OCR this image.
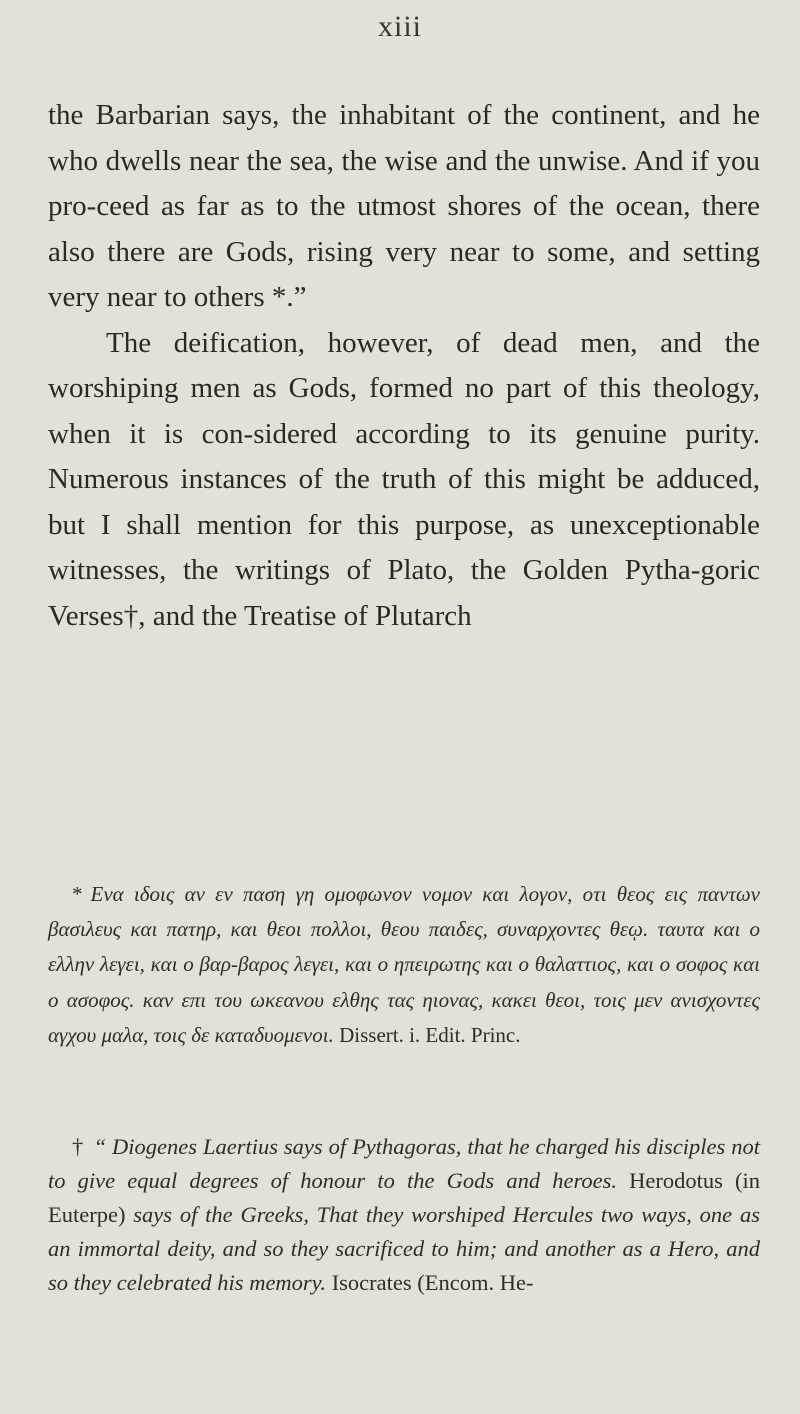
xiii

the Barbarian says, the inhabitant of the continent, and he who dwells near the sea, the wise and the unwise. And if you pro-ceed as far as to the utmost shores of the ocean, there also there are Gods, rising very near to some, and setting very near to others *.”

The deification, however, of dead men, and the worshiping men as Gods, formed no part of this theology, when it is con-sidered according to its genuine purity. Numerous instances of the truth of this might be adduced, but I shall mention for this purpose, as unexceptionable witnesses, the writings of Plato, the Golden Pytha-goric Verses†, and the Treatise of Plutarch

* Ενα ιδοις αν εν παση γη ομοφωνον νομον και λογον, οτι θεος εις παντων βασιλευς και πατηρ, και θεοι πολλοι, θεου παιδες, συναρχοντες θεῳ. ταυτα και ο ελλην λεγει, και ο βαρ-βαρος λεγει, και ο ηπειρωτης και ο θαλαττιος, και ο σοφος και ο ασοφος. καν επι του ωκεανου ελθης τας ηιονας, κακει θεοι, τοις μεν ανισχοντες αγχου μαλα, τοις δε καταδυομενοι. Dissert. i. Edit. Princ.
† “ Diogenes Laertius says of Pythagoras, that he charged his disciples not to give equal degrees of honour to the Gods and heroes. Herodotus (in Euterpe) says of the Greeks, That they worshiped Hercules two ways, one as an immortal deity, and so they sacrificed to him; and another as a Hero, and so they celebrated his memory. Isocrates (Encom. He-
